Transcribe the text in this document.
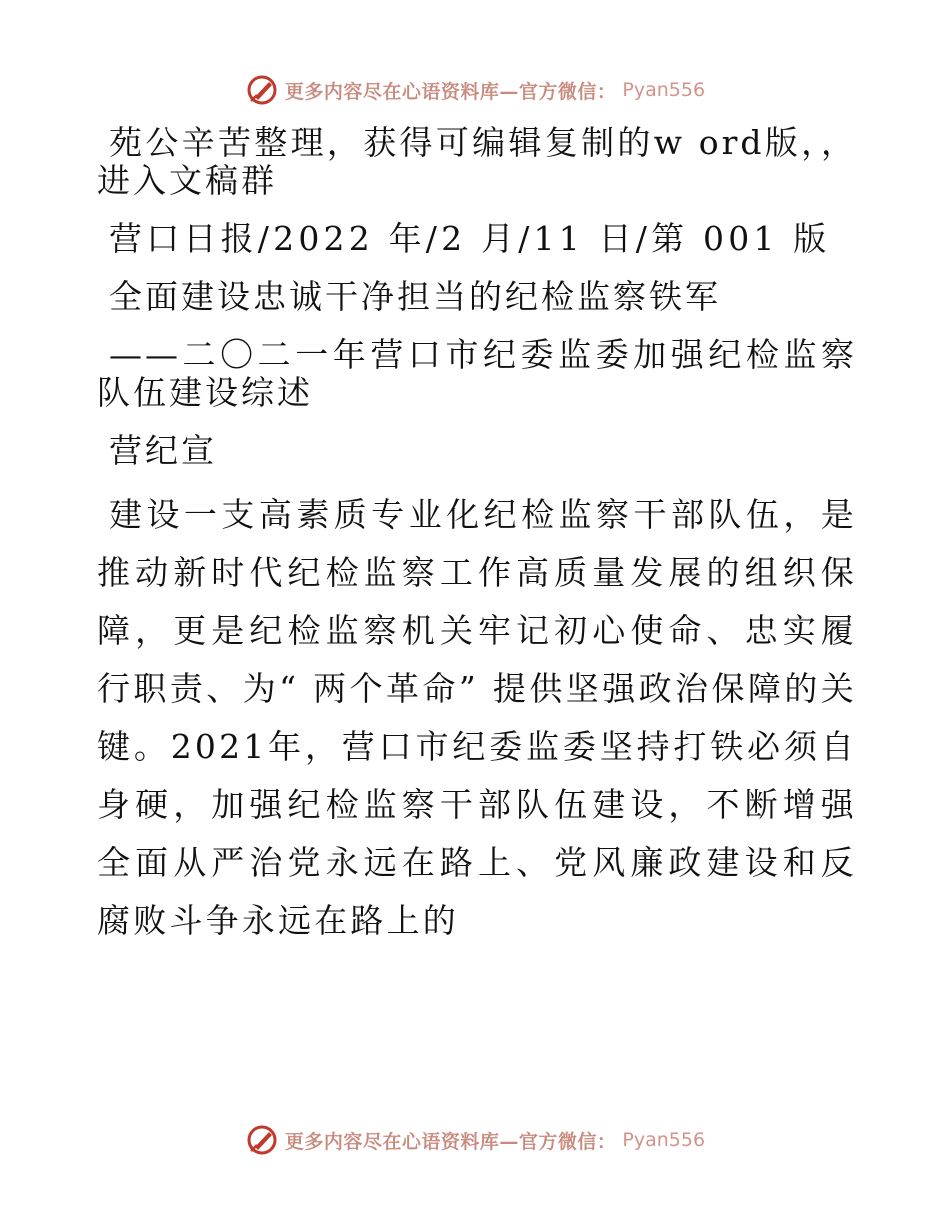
更多内容尽在心语资料库—官方微信： Pyan556

苑公辛苦整理，获得可编辑复制的w ord版，，进入文稿群

营口日报/2022 年/2 月/11 日/第 001 版

全面建设忠诚干净担当的纪检监察铁军

——二〇二一年营口市纪委监委加强纪检监察队伍建设综述

营纪宣

建设一支高素质专业化纪检监察干部队伍，是推动新时代纪检监察工作高质量发展的组织保障，更是纪检监察机关牢记初心使命、忠实履行职责、为“ 两个革命” 提供坚强政治保障的关键。2021年，营口市纪委监委坚持打铁必须自身硬，加强纪检监察干部队伍建设，不断增强全面从严治党永远在路上、党风廉政建设和反腐败斗争永远在路上的

更多内容尽在心语资料库—官方微信： Pyan556
